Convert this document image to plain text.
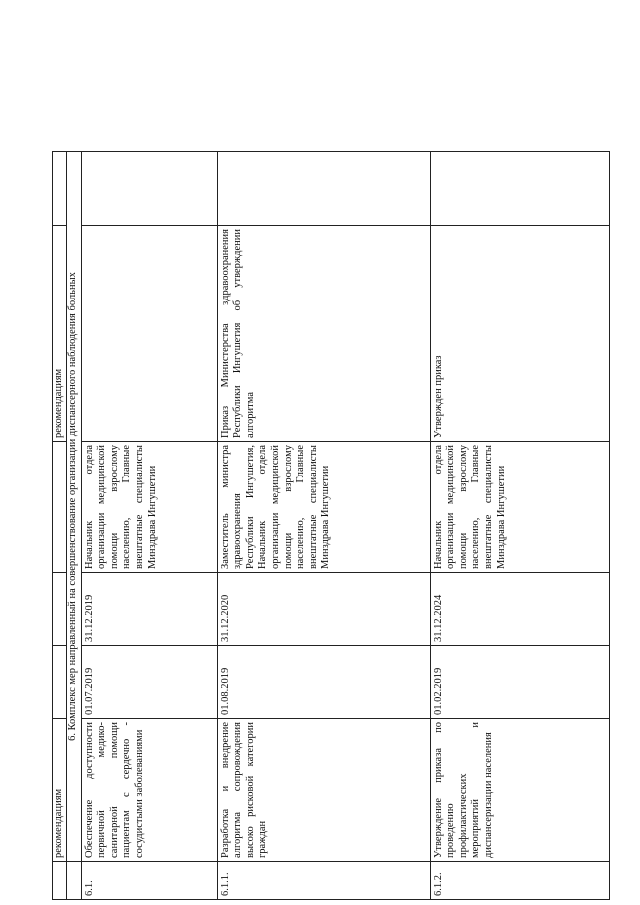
	рекомендациям				рекомендациям	
	6. Комплекс мер направленный на совершенствование организации диспансерного наблюдения больных					
6.1.	Обеспечение доступности первичной медико-санитарной помощи пациентам с сердечно - сосудистыми заболеваниями	01.07.2019	31.12.2019	Начальник отдела организации медицинской помощи взрослому населению, Главные внештатные специалисты Минздрава Ингушетии		
6.1.1.	Разработка и внедрение алгоритма сопровождения высоко рисковой категории граждан	01.08.2019	31.12.2020	Заместитель министра здравоохранения Республики Ингушетия, Начальник отдела организации медицинской помощи взрослому населению, Главные внештатные специалисты Минздрава Ингушетии	Приказ Министерства здравоохранения Республики Ингушетия об утверждении алгоритма	
6.1.2.	Утверждение приказа по проведению профилактических мероприятий и диспансеризации населения	01.02.2019	31.12.2024	Начальник отдела организации медицинской помощи взрослому населению, Главные внештатные специалисты Минздрава Ингушетии	Утвержден приказ	
